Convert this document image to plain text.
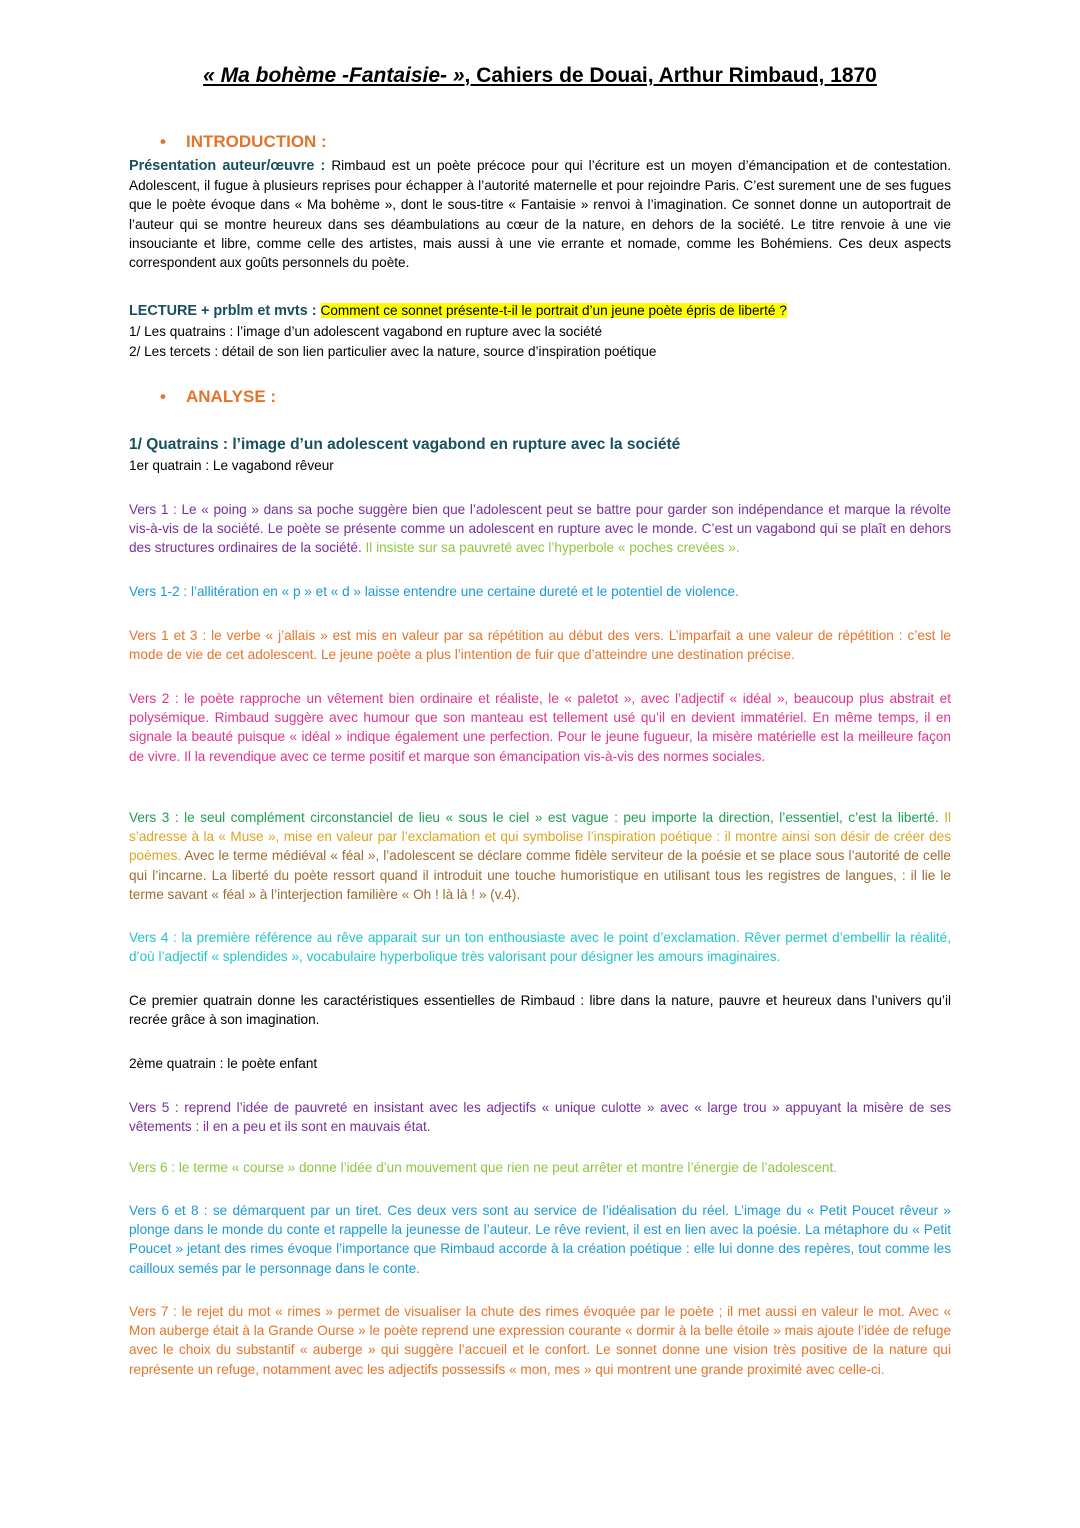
« Ma bohème -Fantaisie- », Cahiers de Douai, Arthur Rimbaud, 1870
• INTRODUCTION :
Présentation auteur/œuvre : Rimbaud est un poète précoce pour qui l’écriture est un moyen d’émancipation et de contestation. Adolescent, il fugue à plusieurs reprises pour échapper à l’autorité maternelle et pour rejoindre Paris. C’est surement une de ses fugues que le poète évoque dans « Ma bohème », dont le sous-titre « Fantaisie » renvoi à l’imagination. Ce sonnet donne un autoportrait de l’auteur qui se montre heureux dans ses déambulations au cœur de la nature, en dehors de la société. Le titre renvoie à une vie insouciante et libre, comme celle des artistes, mais aussi à une vie errante et nomade, comme les Bohémiens. Ces deux aspects correspondent aux goûts personnels du poète.
LECTURE + prblm et mvts : Comment ce sonnet présente-t-il le portrait d’un jeune poète épris de liberté ?
1/ Les quatrains : l’image d’un adolescent vagabond en rupture avec la société
2/ Les tercets : détail de son lien particulier avec la nature, source d’inspiration poétique
• ANALYSE :
1/ Quatrains : l’image d’un adolescent vagabond en rupture avec la société
1er quatrain : Le vagabond rêveur
Vers 1 : Le « poing » dans sa poche suggère bien que l’adolescent peut se battre pour garder son indépendance et marque la révolte vis-à-vis de la société. Le poète se présente comme un adolescent en rupture avec le monde. C’est un vagabond qui se plaît en dehors des structures ordinaires de la société. Il insiste sur sa pauvreté avec l’hyperbole « poches crevées ».
Vers 1-2 : l’allitération en « p » et « d » laisse entendre une certaine dureté et le potentiel de violence.
Vers 1 et 3 : le verbe « j’allais » est mis en valeur par sa répétition au début des vers. L’imparfait a une valeur de répétition : c’est le mode de vie de cet adolescent. Le jeune poète a plus l’intention de fuir que d’atteindre une destination précise.
Vers 2 : le poète rapproche un vêtement bien ordinaire et réaliste, le « paletot », avec l’adjectif « idéal », beaucoup plus abstrait et polysémique. Rimbaud suggère avec humour que son manteau est tellement usé qu’il en devient immatériel. En même temps, il en signale la beauté puisque « idéal » indique également une perfection. Pour le jeune fugueur, la misère matérielle est la meilleure façon de vivre. Il la revendique avec ce terme positif et marque son émancipation vis-à-vis des normes sociales.
Vers 3 : le seul complément circonstanciel de lieu « sous le ciel » est vague : peu importe la direction, l’essentiel, c’est la liberté. Il s’adresse à la « Muse », mise en valeur par l’exclamation et qui symbolise l’inspiration poétique : il montre ainsi son désir de créer des poèmes. Avec le terme médiéval « féal », l’adolescent se déclare comme fidèle serviteur de la poésie et se place sous l’autorité de celle qui l’incarne. La liberté du poète ressort quand il introduit une touche humoristique en utilisant tous les registres de langues, : il lie le terme savant « féal » à l’interjection familière « Oh ! là là ! » (v.4).
Vers 4 : la première référence au rêve apparait sur un ton enthousiaste avec le point d’exclamation. Rêver permet d’embellir la réalité, d’où l’adjectif « splendides », vocabulaire hyperbolique très valorisant pour désigner les amours imaginaires.
Ce premier quatrain donne les caractéristiques essentielles de Rimbaud : libre dans la nature, pauvre et heureux dans l’univers qu’il recrée grâce à son imagination.
2ème quatrain : le poète enfant
Vers 5 : reprend l’idée de pauvreté en insistant avec les adjectifs « unique culotte » avec « large trou » appuyant la misère de ses vêtements : il en a peu et ils sont en mauvais état.
Vers 6 : le terme « course » donne l’idée d’un mouvement que rien ne peut arrêter et montre l’énergie de l’adolescent.
Vers 6 et 8 : se démarquent par un tiret. Ces deux vers sont au service de l’idéalisation du réel. L’image du « Petit Poucet rêveur » plonge dans le monde du conte et rappelle la jeunesse de l’auteur. Le rêve revient, il est en lien avec la poésie. La métaphore du « Petit Poucet » jetant des rimes évoque l’importance que Rimbaud accorde à la création poétique : elle lui donne des repères, tout comme les cailloux semés par le personnage dans le conte.
Vers 7 : le rejet du mot « rimes » permet de visualiser la chute des rimes évoquée par le poète ; il met aussi en valeur le mot. Avec « Mon auberge était à la Grande Ourse » le poète reprend une expression courante « dormir à la belle étoile » mais ajoute l’idée de refuge avec le choix du substantif « auberge » qui suggère l’accueil et le confort. Le sonnet donne une vision très positive de la nature qui représente un refuge, notamment avec les adjectifs possessifs « mon, mes » qui montrent une grande proximité avec celle-ci.
